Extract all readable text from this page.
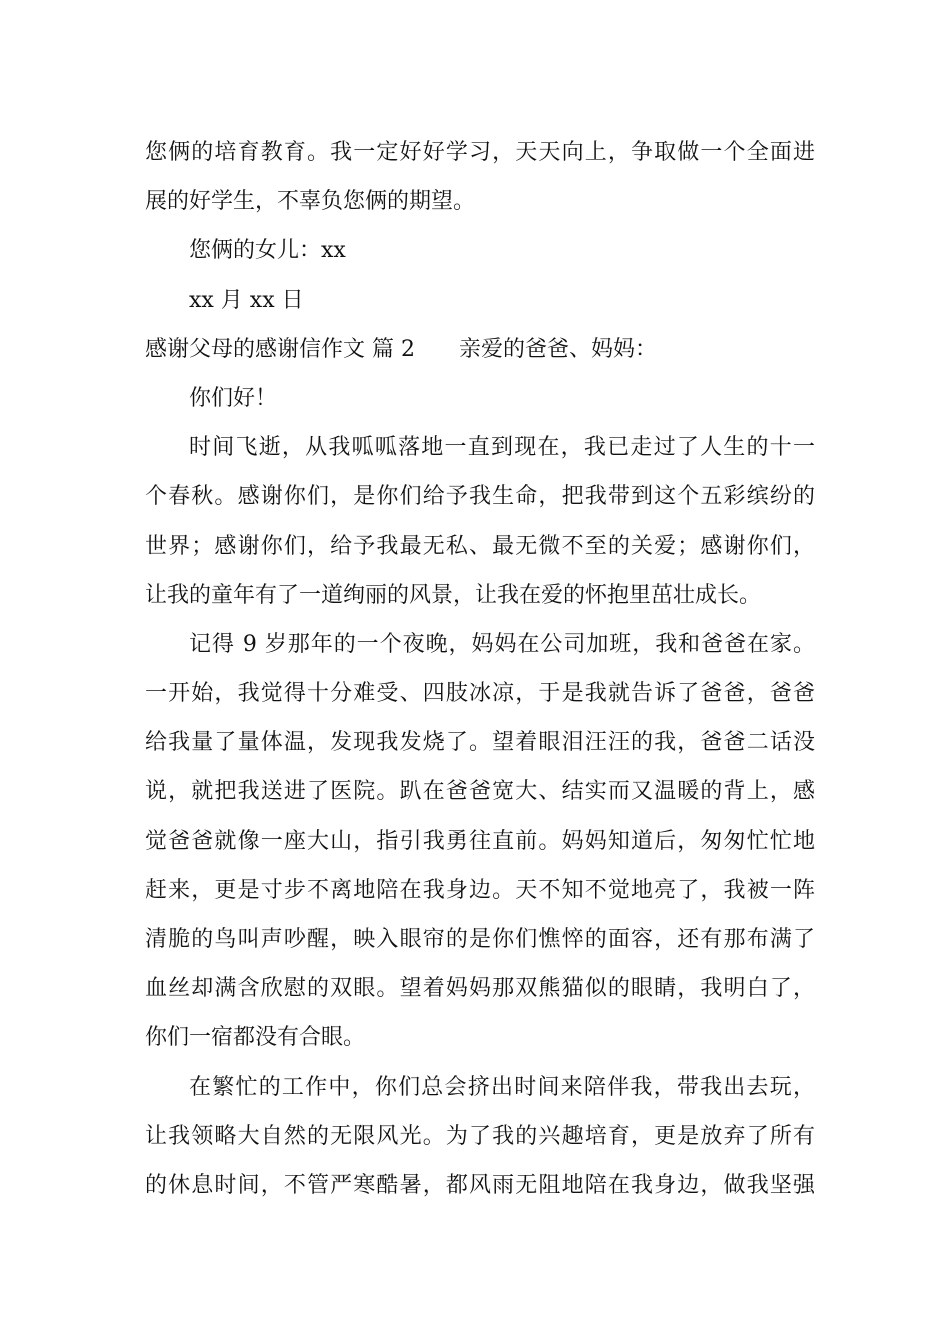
您俩的培育教育。我一定好好学习，天天向上，争取做一个全面进
展的好学生，不辜负您俩的期望。
您俩的女儿：xx
xx 月 xx 日
感谢父母的感谢信作文 篇 2 亲爱的爸爸、妈妈：
你们好！
时间飞逝，从我呱呱落地一直到现在，我已走过了人生的十一
个春秋。感谢你们，是你们给予我生命，把我带到这个五彩缤纷的
世界；感谢你们，给予我最无私、最无微不至的关爱；感谢你们，
让我的童年有了一道绚丽的风景，让我在爱的怀抱里茁壮成长。
记得 9 岁那年的一个夜晚，妈妈在公司加班，我和爸爸在家。
一开始，我觉得十分难受、四肢冰凉，于是我就告诉了爸爸，爸爸
给我量了量体温，发现我发烧了。望着眼泪汪汪的我，爸爸二话没
说，就把我送进了医院。趴在爸爸宽大、结实而又温暖的背上，感
觉爸爸就像一座大山，指引我勇往直前。妈妈知道后，匆匆忙忙地
赶来，更是寸步不离地陪在我身边。天不知不觉地亮了，我被一阵
清脆的鸟叫声吵醒，映入眼帘的是你们憔悴的面容，还有那布满了
血丝却满含欣慰的双眼。望着妈妈那双熊猫似的眼睛，我明白了，
你们一宿都没有合眼。
在繁忙的工作中，你们总会挤出时间来陪伴我，带我出去玩，
让我领略大自然的无限风光。为了我的兴趣培育，更是放弃了所有
的休息时间，不管严寒酷暑，都风雨无阻地陪在我身边，做我坚强
